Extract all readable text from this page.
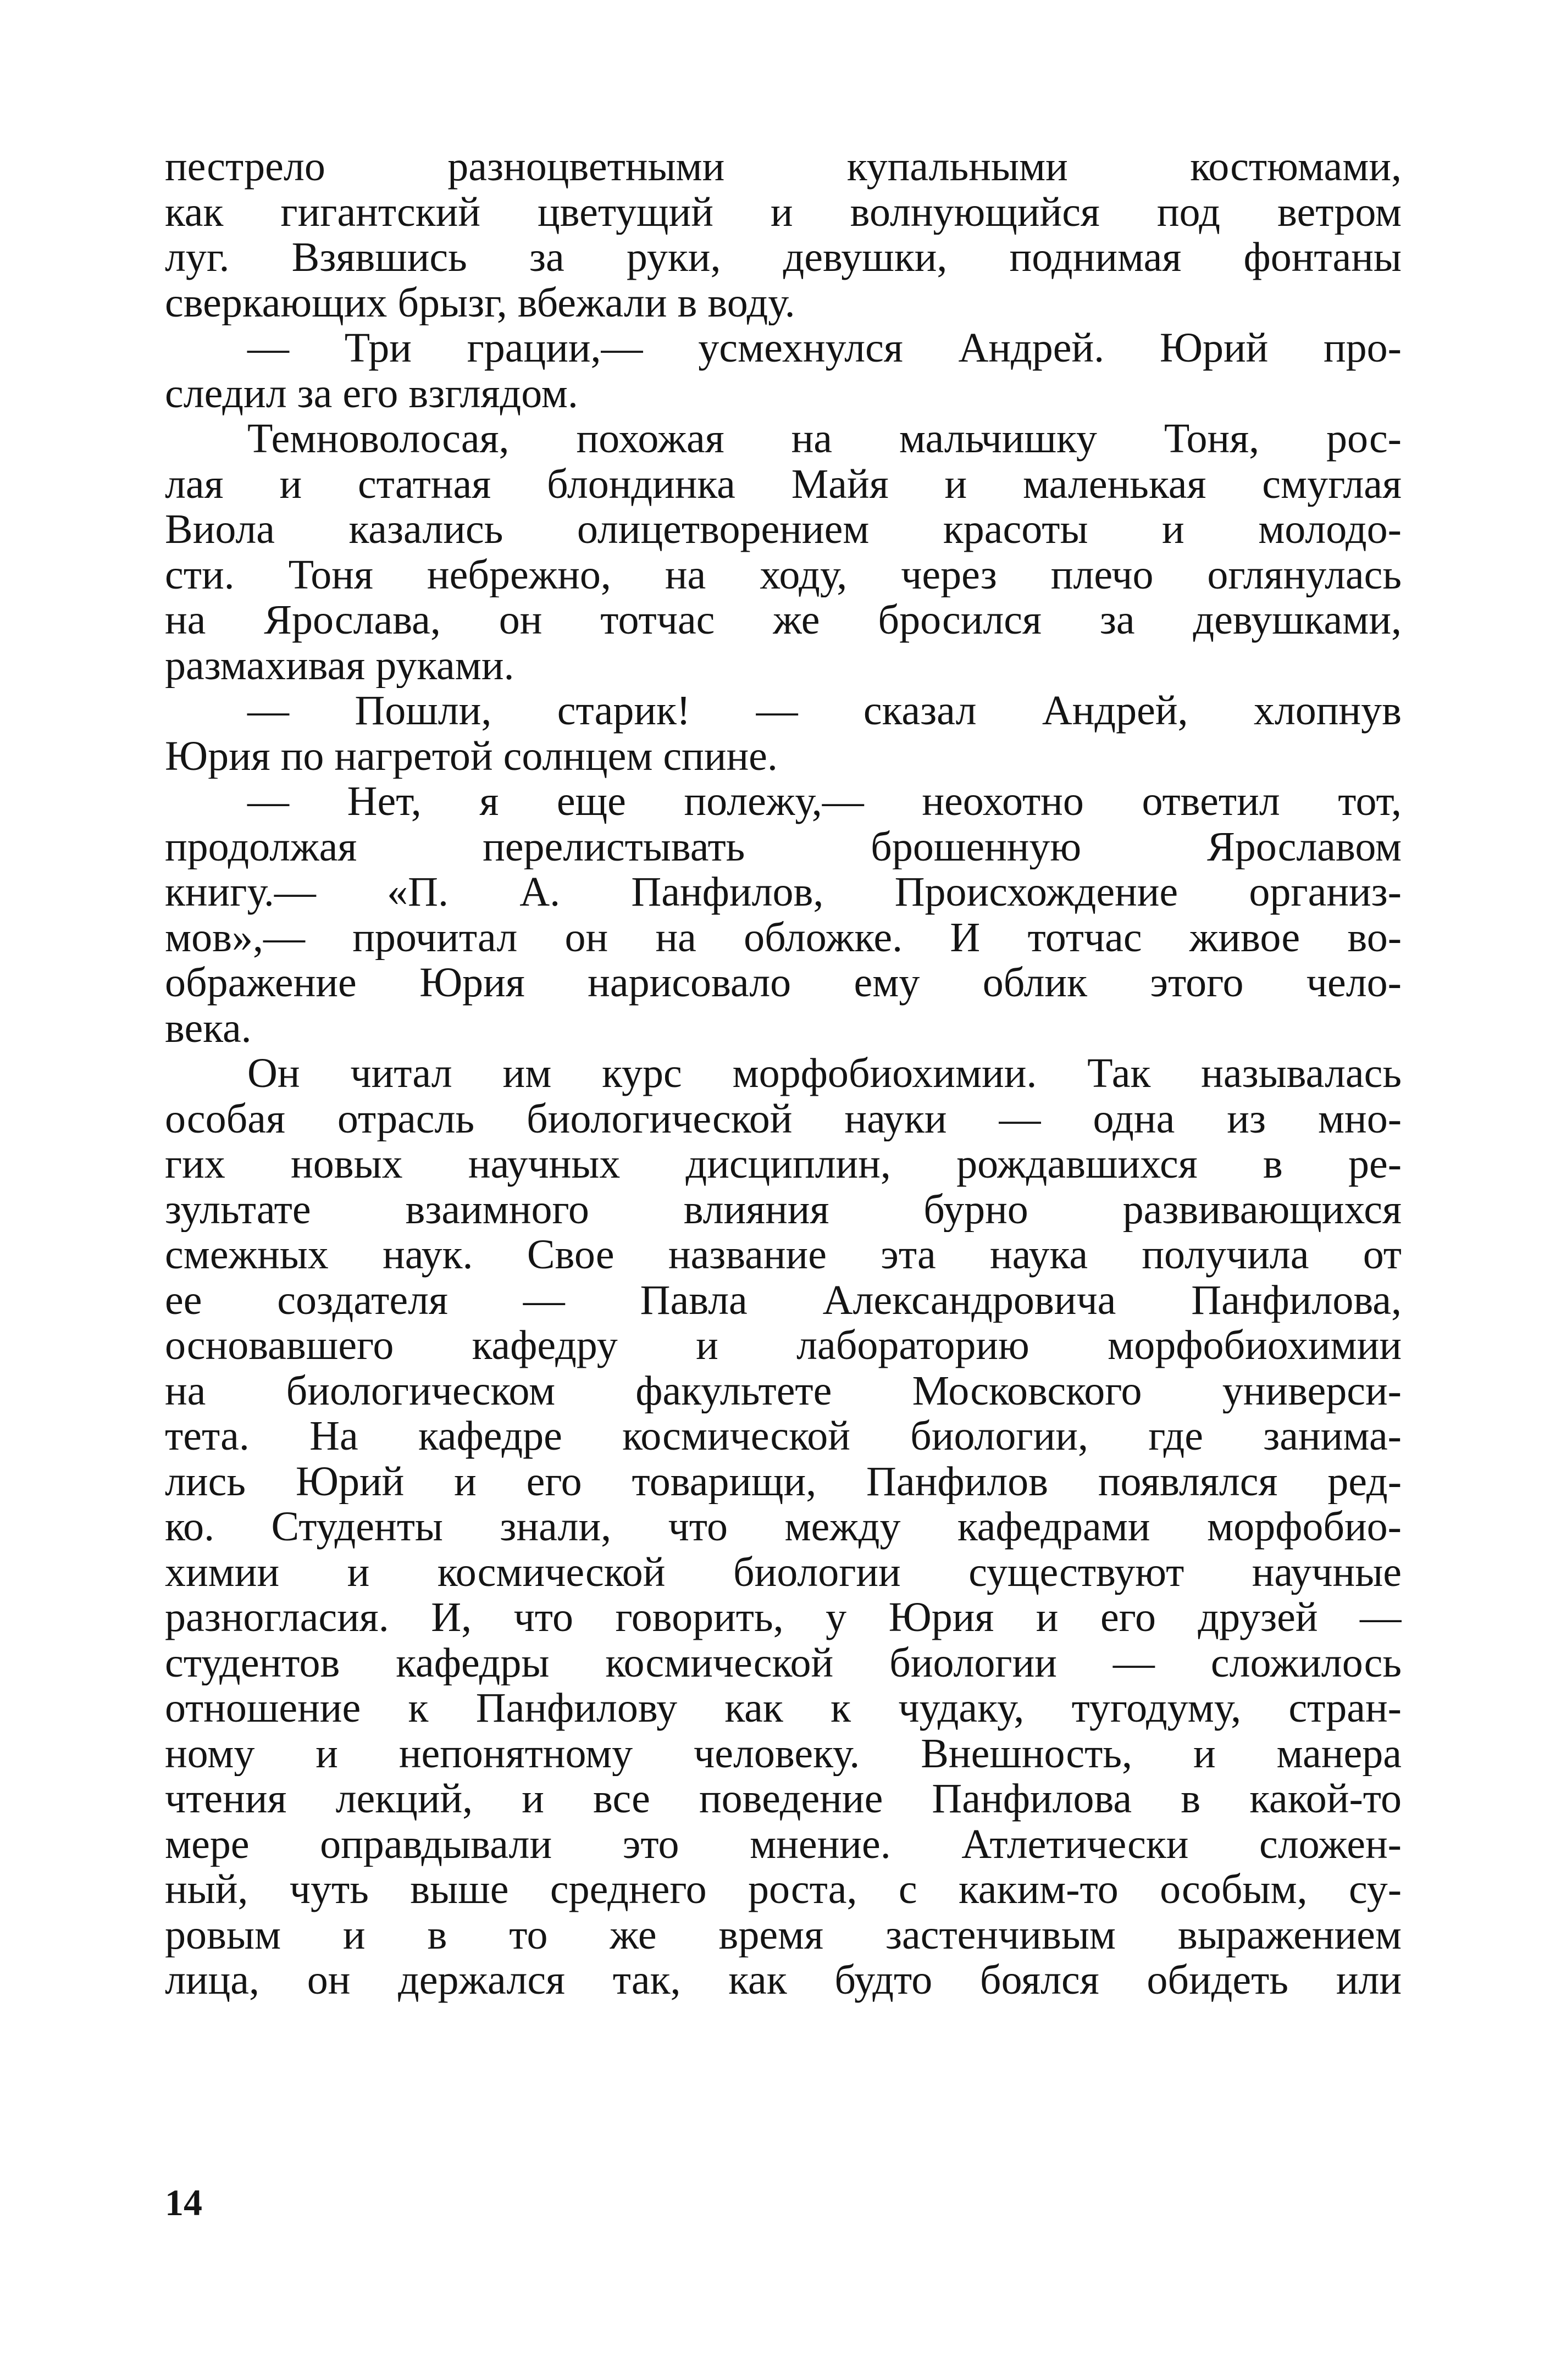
пестрело разноцветными купальными костюмами,
как гигантский цветущий и волнующийся под ветром
луг. Взявшись за руки, девушки, поднимая фонтаны
сверкающих брызг, вбежали в воду.
— Три грации,— усмехнулся Андрей. Юрий про-
следил за его взглядом.
Темноволосая, похожая на мальчишку Тоня, рос-
лая и статная блондинка Майя и маленькая смуглая
Виола казались олицетворением красоты и молодо-
сти. Тоня небрежно, на ходу, через плечо оглянулась
на Ярослава, он тотчас же бросился за девушками,
размахивая руками.
— Пошли, старик! — сказал Андрей, хлопнув
Юрия по нагретой солнцем спине.
— Нет, я еще полежу,— неохотно ответил тот,
продолжая перелистывать брошенную Ярославом
книгу.— «П. А. Панфилов, Происхождение организ-
мов»,— прочитал он на обложке. И тотчас живое во-
ображение Юрия нарисовало ему облик этого чело-
века.
Он читал им курс морфобиохимии. Так называлась
особая отрасль биологической науки — одна из мно-
гих новых научных дисциплин, рождавшихся в ре-
зультате взаимного влияния бурно развивающихся
смежных наук. Свое название эта наука получила от
ее создателя — Павла Александровича Панфилова,
основавшего кафедру и лабораторию морфобиохимии
на биологическом факультете Московского универси-
тета. На кафедре космической биологии, где занима-
лись Юрий и его товарищи, Панфилов появлялся ред-
ко. Студенты знали, что между кафедрами морфобио-
химии и космической биологии существуют научные
разногласия. И, что говорить, у Юрия и его друзей —
студентов кафедры космической биологии — сложилось
отношение к Панфилову как к чудаку, тугодуму, стран-
ному и непонятному человеку. Внешность, и манера
чтения лекций, и все поведение Панфилова в какой-то
мере оправдывали это мнение. Атлетически сложен-
ный, чуть выше среднего роста, с каким-то особым, су-
ровым и в то же время застенчивым выражением
лица, он держался так, как будто боялся обидеть или
14
